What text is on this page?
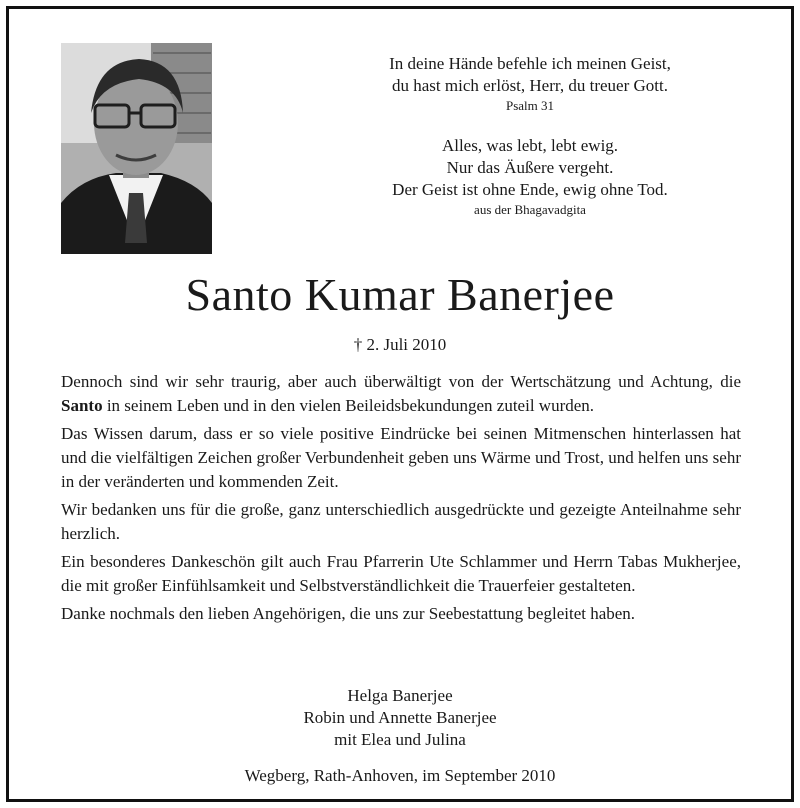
In deine Hände befehle ich meinen Geist,
du hast mich erlöst, Herr, du treuer Gott.
Psalm 31
Alles, was lebt, lebt ewig.
Nur das Äußere vergeht.
Der Geist ist ohne Ende, ewig ohne Tod.
aus der Bhagavadgita
Santo Kumar Banerjee
† 2. Juli 2010

Dennoch sind wir sehr traurig, aber auch überwältigt von der Wertschätzung und Achtung, die Santo in seinem Leben und in den vielen Beileidsbekundungen zuteil wurden.

Das Wissen darum, dass er so viele positive Eindrücke bei seinen Mitmenschen hinterlassen hat und die vielfältigen Zeichen großer Verbundenheit geben uns Wärme und Trost, und helfen uns sehr in der veränderten und kommenden Zeit.

Wir bedanken uns für die große, ganz unterschiedlich ausgedrückte und gezeigte Anteilnahme sehr herzlich.

Ein besonderes Dankeschön gilt auch Frau Pfarrerin Ute Schlammer und Herrn Tabas Mukherjee, die mit großer Einfühlsamkeit und Selbstverständlichkeit die Trauerfeier gestalteten.

Danke nochmals den lieben Angehörigen, die uns zur Seebestattung begleitet haben.

Helga Banerjee
Robin und Annette Banerjee
mit Elea und Julina
Wegberg, Rath-Anhoven, im September 2010
